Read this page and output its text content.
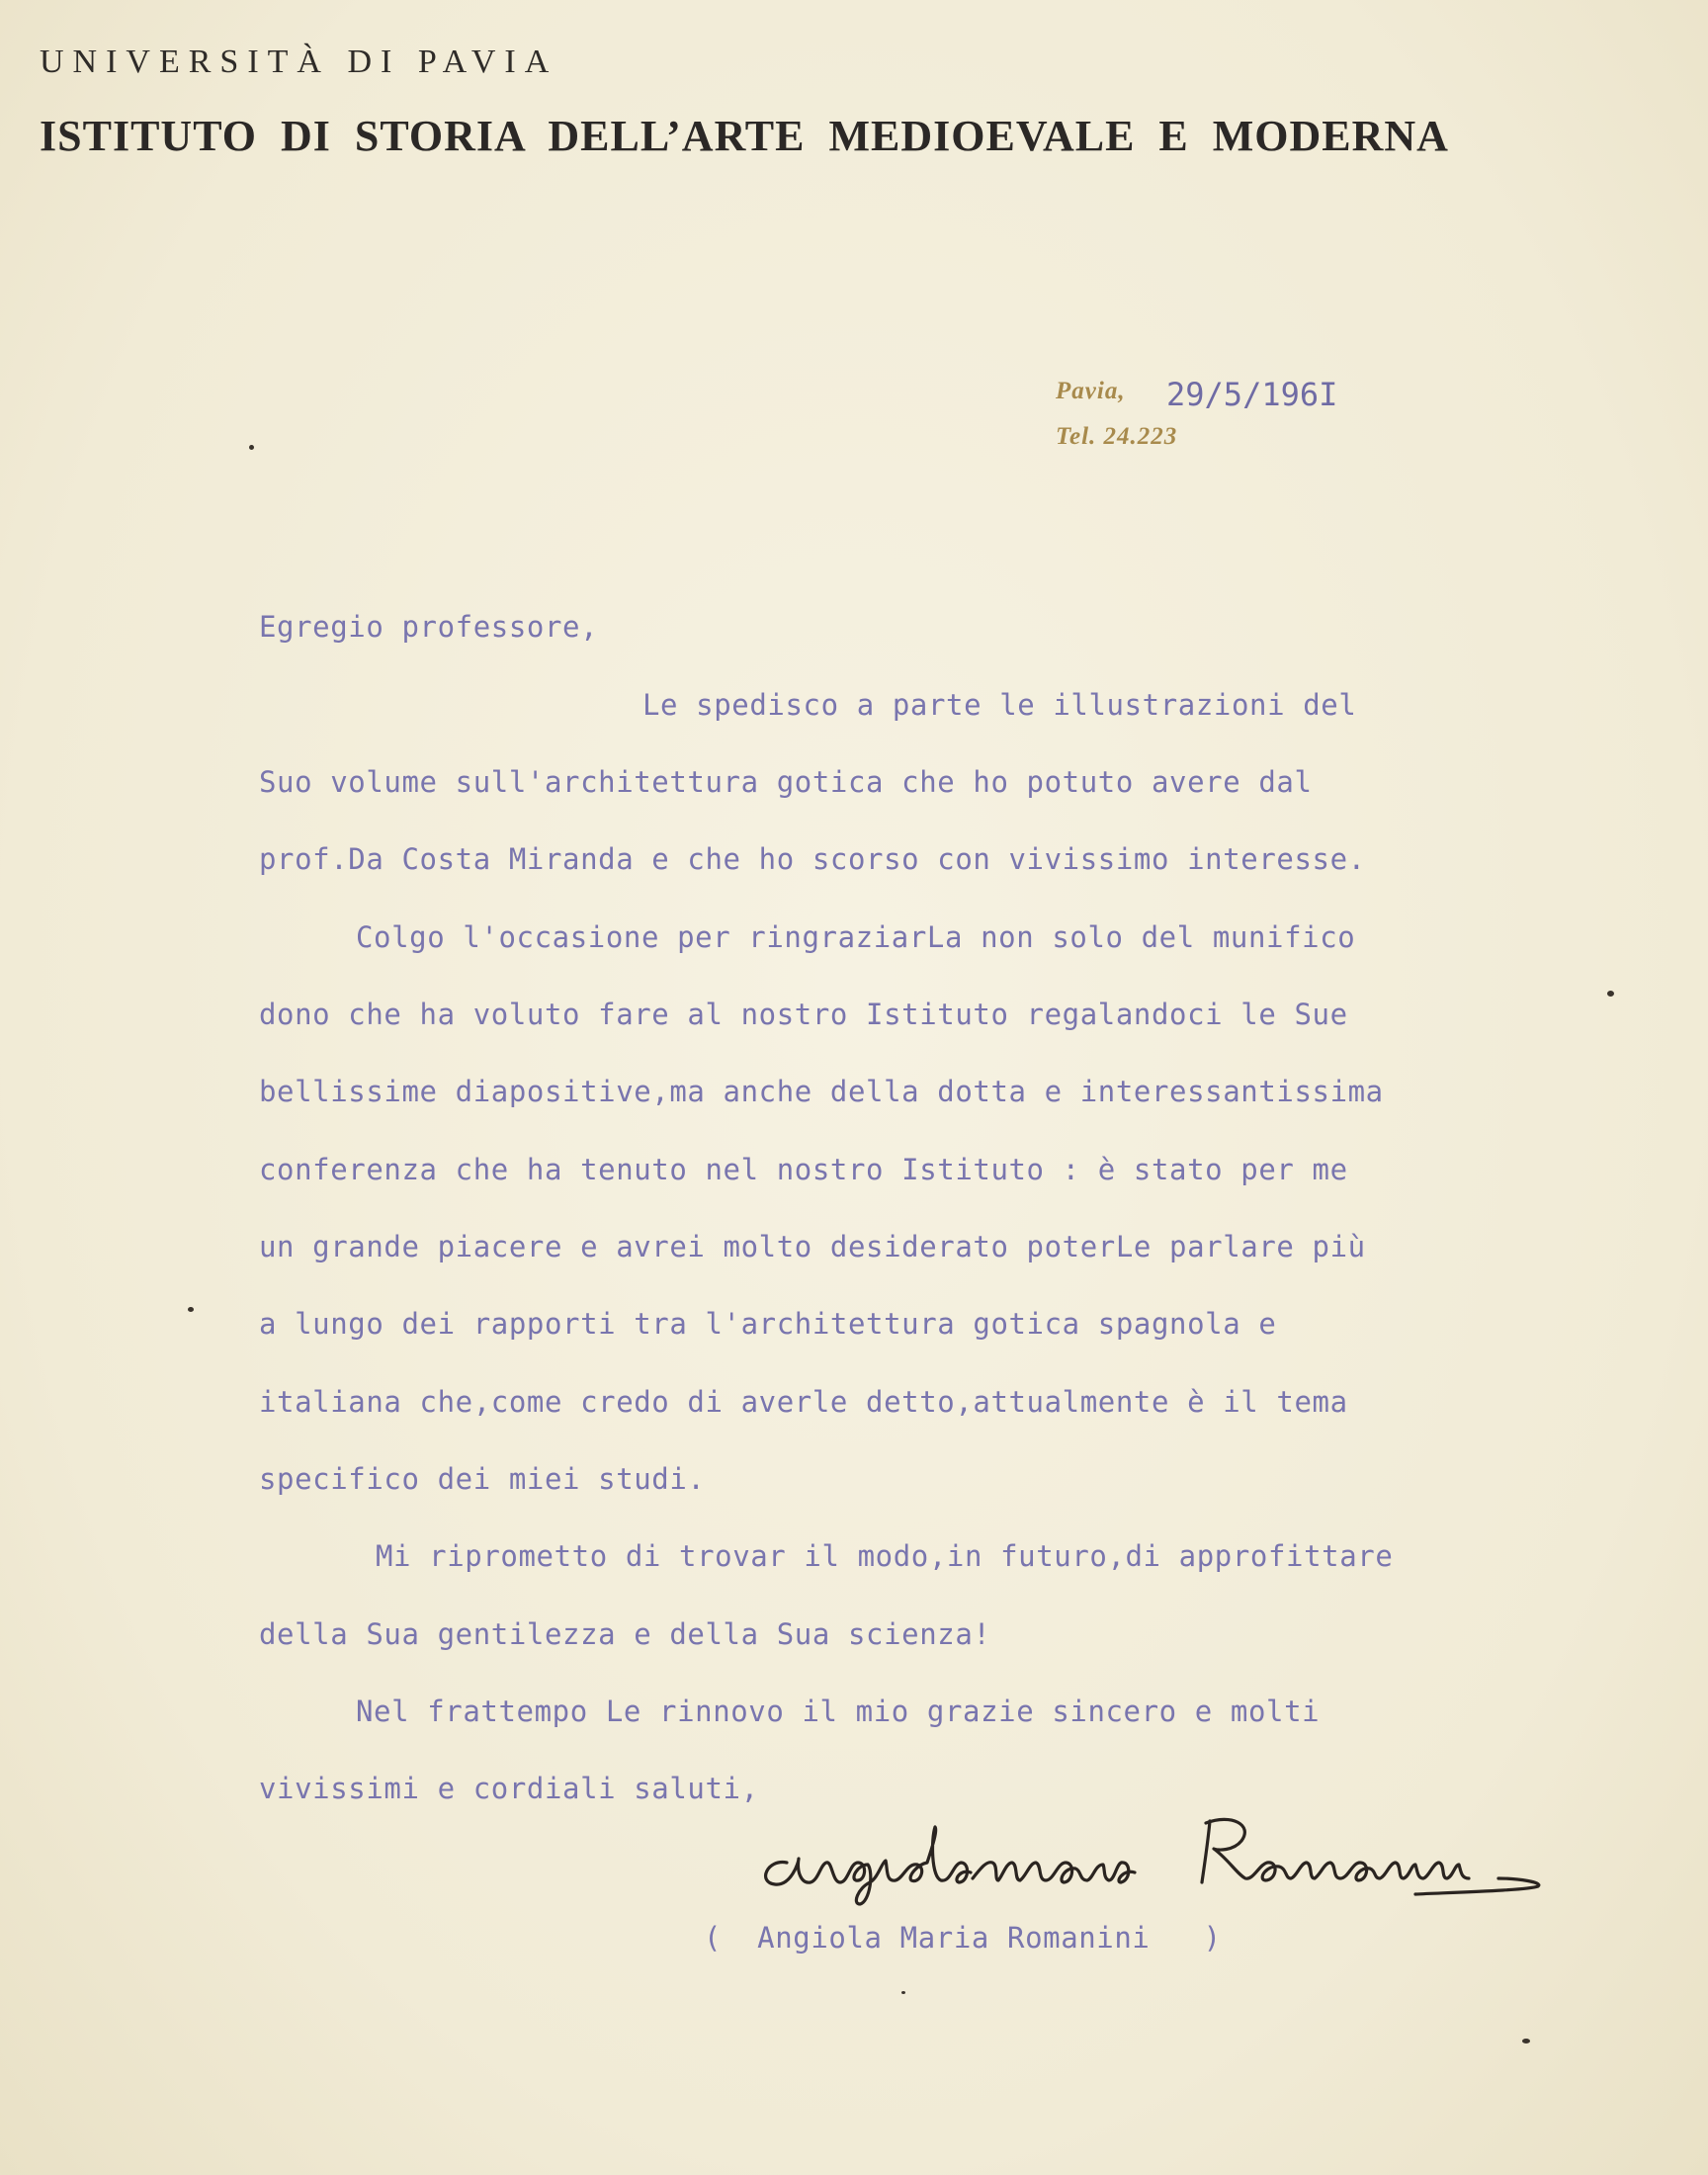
UNIVERSITÀ DI PAVIA
ISTITUTO DI STORIA DELL’ARTE MEDIOEVALE E MODERNA
Pavia, 29/5/196I
Tel. 24.223
Egregio professore,
Le spedisco a parte le illustrazioni del
Suo volume sull'architettura gotica che ho potuto avere dal
prof.Da Costa Miranda e che ho scorso con vivissimo interesse.
Colgo l'occasione per ringraziarLa non solo del munifico
dono che ha voluto fare al nostro Istituto regalandoci le Sue
bellissime diapositive,ma anche della dotta e interessantissima
conferenza che ha tenuto nel nostro Istituto : è stato per me
un grande piacere e avrei molto desiderato poterLe parlare più
a lungo dei rapporti tra l'architettura gotica spagnola e
italiana che,come credo di averle detto,attualmente è il tema
specifico dei miei studi.
Mi riprometto di trovar il modo,in futuro,di approfittare
della Sua gentilezza e della Sua scienza!
Nel frattempo Le rinnovo il mio grazie sincero e molti
vivissimi e cordiali saluti,
(  Angiola Maria Romanini   )
